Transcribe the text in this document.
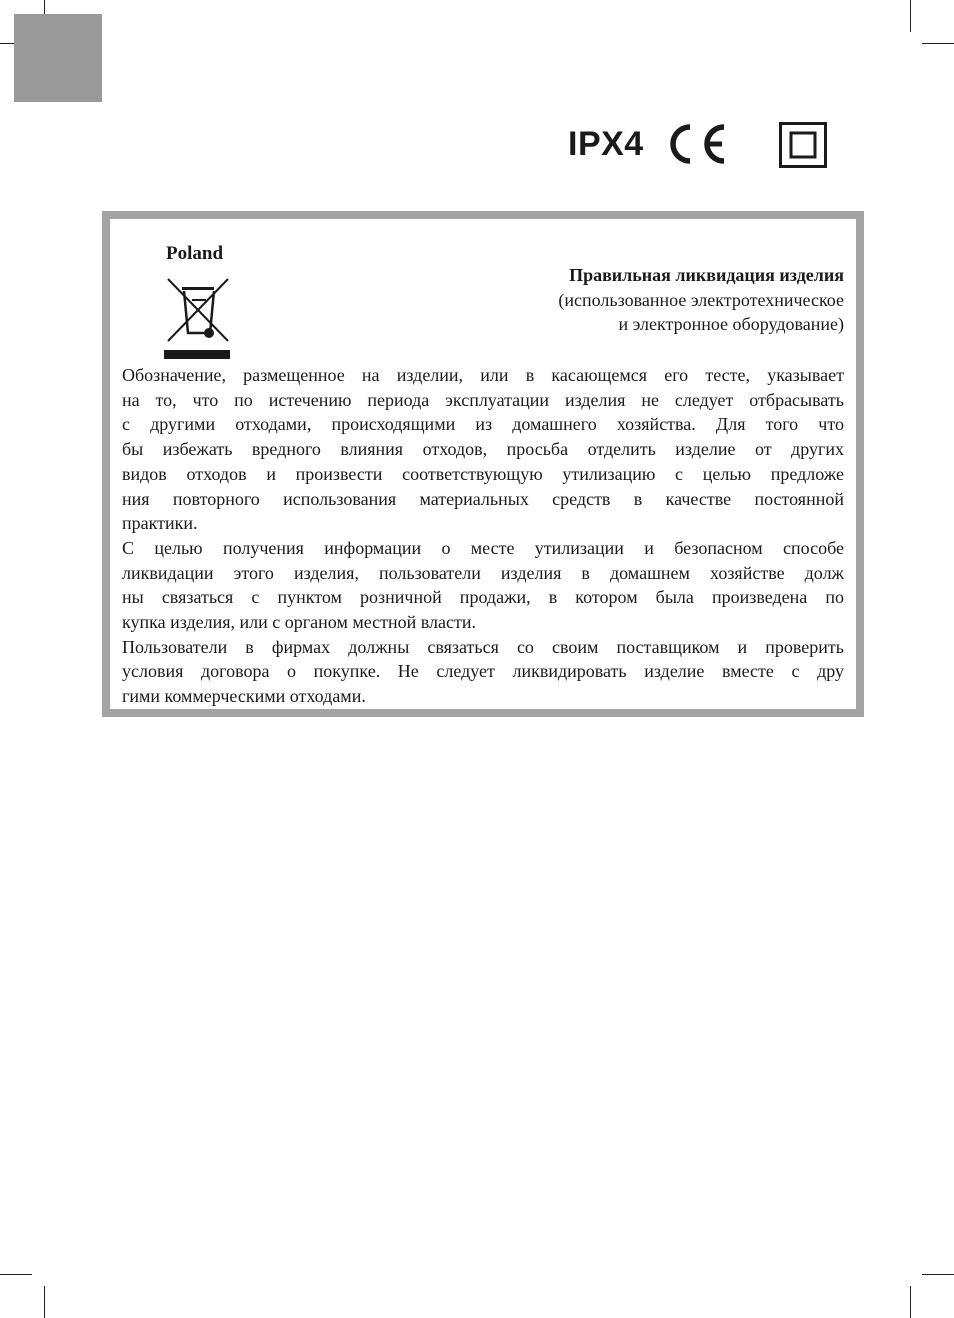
IPX4
Poland
Правильная ликвидация изделия
(использованное электротехническое
и электронное оборудование)
Обозначение, размещенное на изделии, или в касающемся его тесте, указывает
на то, что по истечению периода эксплуатации изделия не следует отбрасывать
с другими отходами, происходящими из домашнего хозяйства. Для того что
бы избежать вредного влияния отходов, просьба отделить изделие от других
видов отходов и произвести соответствующую утилизацию с целью предложе
ния повторного использования материальных средств в качестве постоянной
практики.
С целью получения информации о месте утилизации и безопасном способе
ликвидации этого изделия, пользователи изделия в домашнем хозяйстве долж
ны связаться с пунктом розничной продажи, в котором была произведена по
купка изделия, или с органом местной власти.
Пользователи в фирмах должны связаться со своим поставщиком и проверить
условия договора о покупке. Не следует ликвидировать изделие вместе с дру
гими коммерческими отходами.
